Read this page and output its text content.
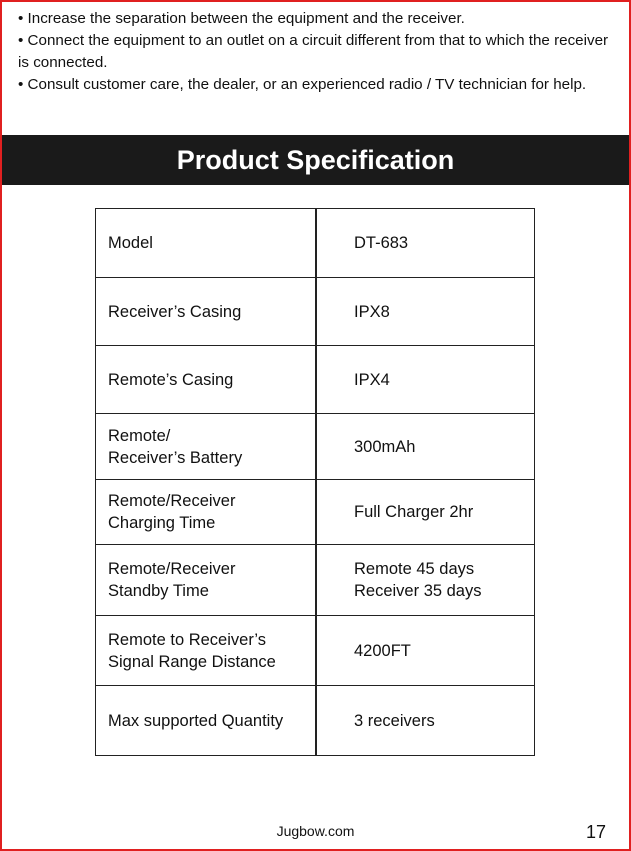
• Increase the separation between the equipment and the receiver.

• Connect the equipment to an outlet on a circuit different from that to which the receiver is connected.

• Consult customer care, the dealer, or an experienced radio / TV technician for help.

Product Specification
Model	DT-683
Receiver’s Casing	IPX8
Remote’s Casing	IPX4
Remote/
Receiver’s Battery	300mAh
Remote/Receiver
Charging Time	Full Charger 2hr
Remote/Receiver
Standby Time	Remote 45 days
Receiver 35 days
Remote to Receiver’s
Signal Range Distance	4200FT
Max supported Quantity	3 receivers
Jugbow.com	17
